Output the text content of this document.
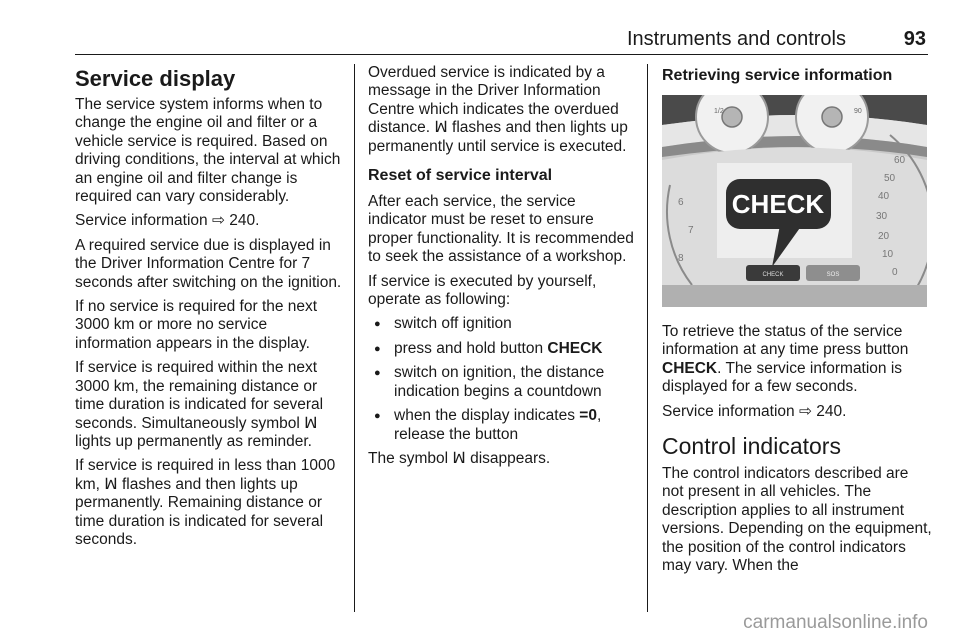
Instruments and controls	93
Service display

The service system informs when to change the engine oil and filter or a vehicle service is required. Based on driving conditions, the interval at which an engine oil and filter change is required can vary considerably.

Service information ⇨ 240.

A required service due is displayed in the Driver Information Centre for 7 seconds after switching on the ignition.

If no service is required for the next 3000 km or more no service information appears in the display.

If service is required within the next 3000 km, the remaining distance or time duration is indicated for several seconds. Simultaneously symbol ꟽ lights up permanently as reminder.

If service is required in less than 1000 km, ꟽ flashes and then lights up permanently. Remaining distance or time duration is indicated for several seconds.

Overdued service is indicated by a message in the Driver Information Centre which indicates the overdued distance. ꟽ flashes and then lights up permanently until service is executed.

Reset of service interval

After each service, the service indicator must be reset to ensure proper functionality. It is recommended to seek the assistance of a workshop.

If service is executed by yourself, operate as following:

● switch off ignition
● press and hold button CHECK
● switch on ignition, the distance indication begins a countdown
● when the display indicates =0, release the button

The symbol ꟽ disappears.

Retrieving service information
1/2	90
60
50
40
30
20
10
0
6
7
8
CHECK
CHECK	SOS

To retrieve the status of the service information at any time press button CHECK. The service information is displayed for a few seconds.

Service information ⇨ 240.

Control indicators

The control indicators described are not present in all vehicles. The description applies to all instrument versions. Depending on the equipment, the position of the control indicators may vary. When the

carmanualsonline.info
